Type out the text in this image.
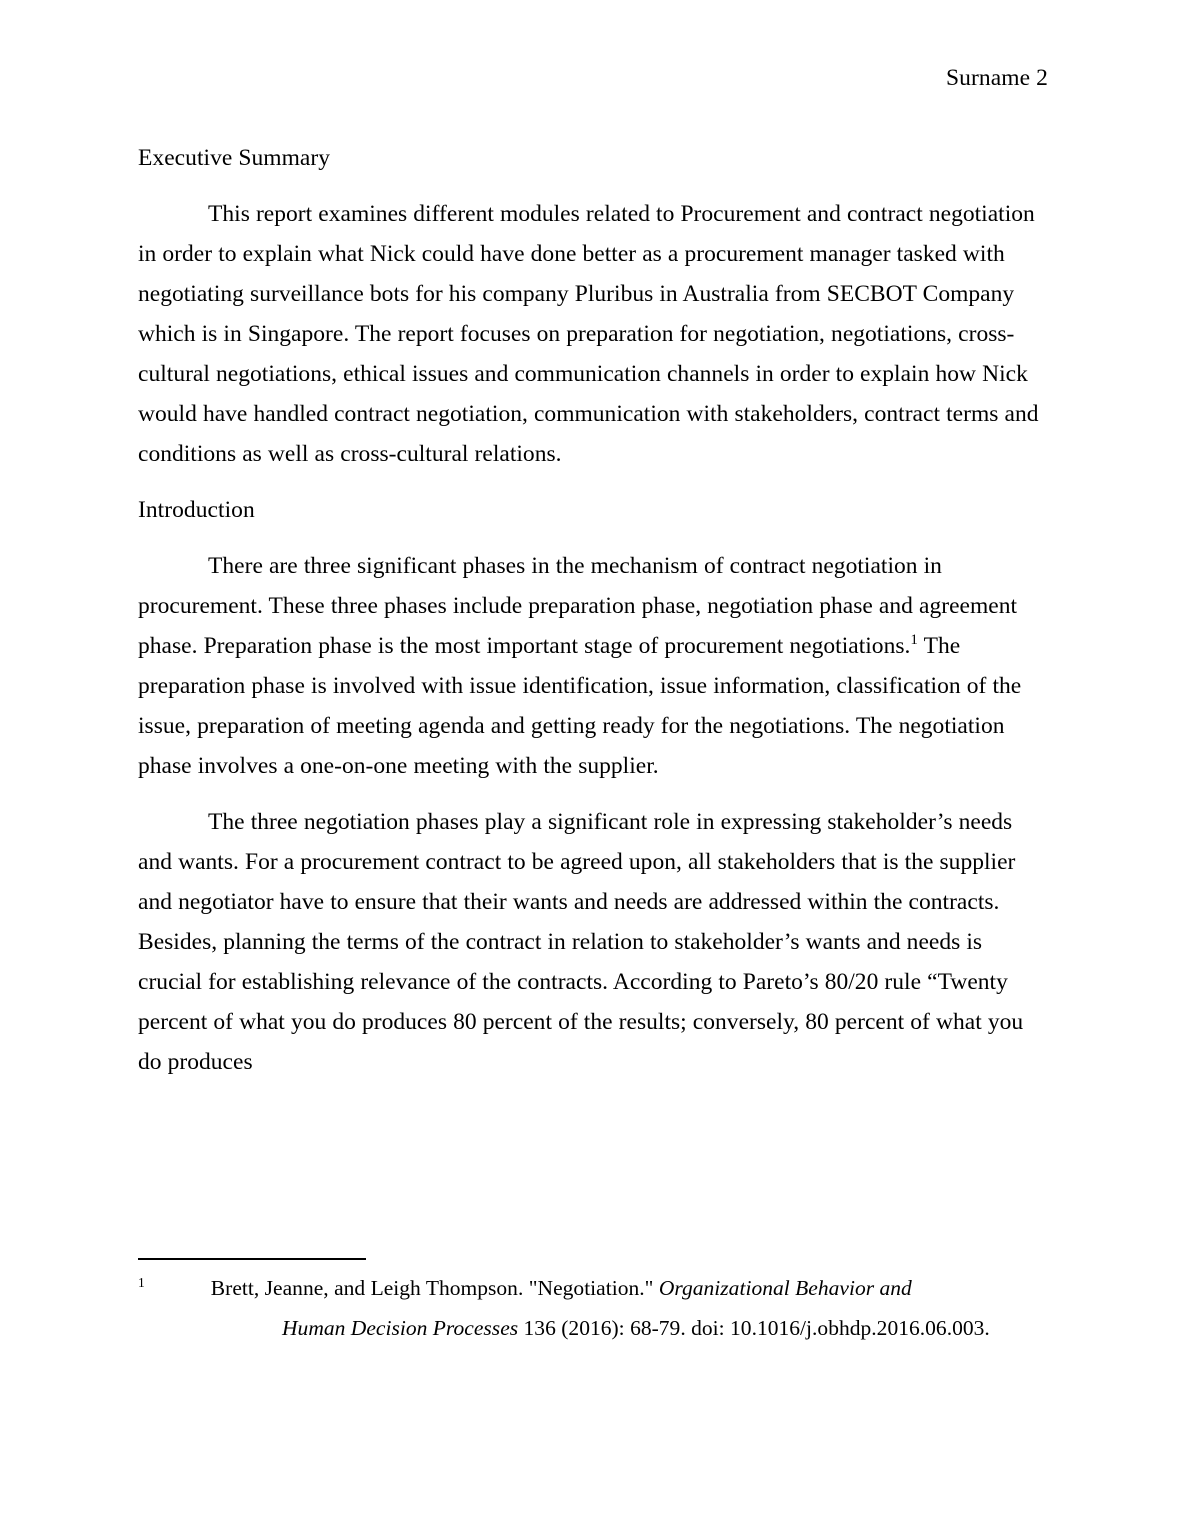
Surname 2
Executive Summary

This report examines different modules related to Procurement and contract negotiation in order to explain what Nick could have done better as a procurement manager tasked with negotiating surveillance bots for his company Pluribus in Australia from SECBOT Company which is in Singapore. The report focuses on preparation for negotiation, negotiations, cross-cultural negotiations, ethical issues and communication channels in order to explain how Nick would have handled contract negotiation, communication with stakeholders, contract terms and conditions as well as cross-cultural relations.

Introduction

There are three significant phases in the mechanism of contract negotiation in procurement. These three phases include preparation phase, negotiation phase and agreement phase. Preparation phase is the most important stage of procurement negotiations.$^1$ The preparation phase is involved with issue identification, issue information, classification of the issue, preparation of meeting agenda and getting ready for the negotiations. The negotiation phase involves a one-on-one meeting with the supplier.

The three negotiation phases play a significant role in expressing stakeholder’s needs and wants. For a procurement contract to be agreed upon, all stakeholders that is the supplier and negotiator have to ensure that their wants and needs are addressed within the contracts. Besides, planning the terms of the contract in relation to stakeholder’s wants and needs is crucial for establishing relevance of the contracts. According to Pareto’s 80/20 rule “Twenty percent of what you do produces 80 percent of the results; conversely, 80 percent of what you do produces

$^1$	Brett, Jeanne, and Leigh Thompson. "Negotiation." Organizational Behavior and
Human Decision Processes 136 (2016): 68-79. doi: 10.1016/j.obhdp.2016.06.003.
